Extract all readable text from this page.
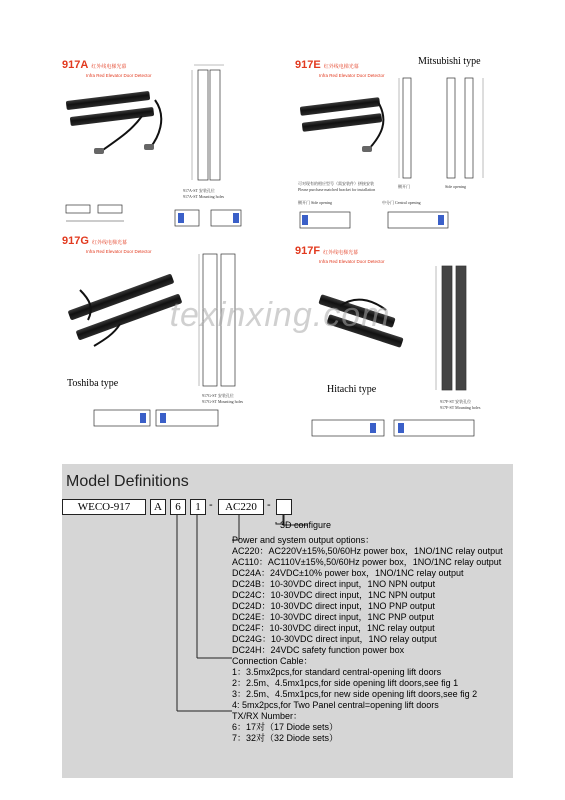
917A 红外线电梯光幕
$^{Infra Red Elevator Door Detector}$
917A-ST 安装孔位
917A-ST Mounting holes
917E 红外线电梯光幕
$^{Infra Red Elevator Door Detector}$
Mitsubishi type
可对现有的相应型号（需安装件）拼接安装
Please purchase matched bracket for installation
侧开门	Side opening
侧开门 Side opening	中分门 Central opening
917G 红外线电梯光幕
$^{Infra Red Elevator Door Detector}$
Toshiba type
917G-ST 安装孔位
917G-ST Mounting holes
917F 红外线电梯光幕
$^{Infra Red Elevator Door Detector}$
Hitachi type
917F-ST 安装孔位
917F-ST Mounting holes
texinxing.com
Model Definitions
WECO-917	A	6	1 -	AC220 -
3D configure
Power and system output options：
AC220：AC220V±15%,50/60Hz power box，1NO/1NC relay output
AC110：AC110V±15%,50/60Hz power box，1NO/1NC relay output
DC24A：24VDC±10% power box，1NO/1NC relay output
DC24B：10-30VDC direct input，1NO NPN output
DC24C：10-30VDC direct input，1NC NPN output
DC24D：10-30VDC direct input，1NO PNP output
DC24E：10-30VDC direct input，1NC PNP output
DC24F：10-30VDC direct input，1NC relay output
DC24G：10-30VDC direct input，1NO relay output
DC24H：24VDC safety function power box
Connection Cable：
1：3.5mx2pcs,for standard central-opening lift doors
2：2.5m、4.5mx1pcs,for side opening lift doors,see fig 1
3：2.5m、4.5mx1pcs,for new side opening lift doors,see fig 2
4: 5mx2pcs,for Two Panel central=opening lift doors
TX/RX Number：
6：17对（17 Diode sets）
7：32对（32 Diode sets）
